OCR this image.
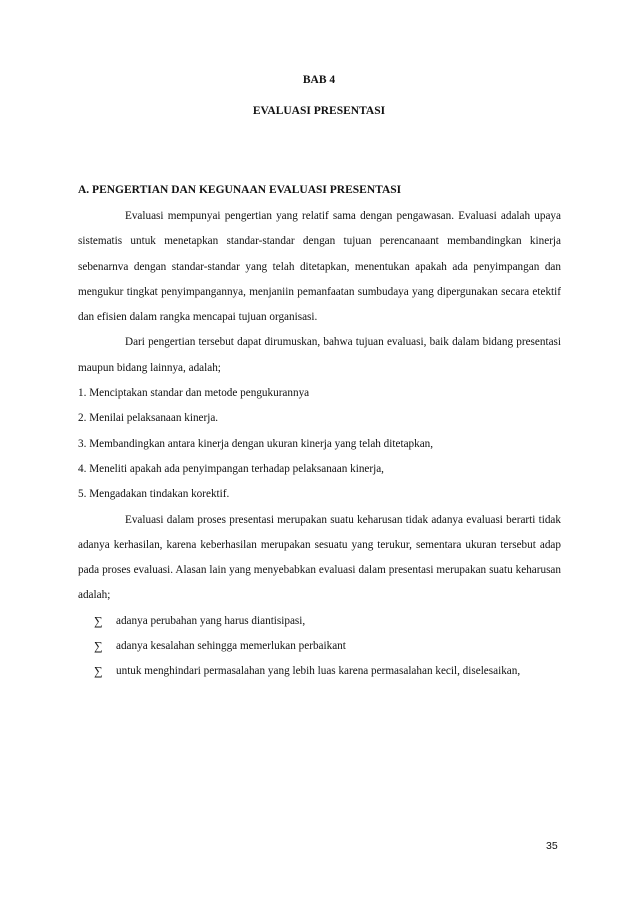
BAB 4
EVALUASI PRESENTASI
A. PENGERTIAN DAN KEGUNAAN EVALUASI PRESENTASI

Evaluasi mempunyai pengertian yang relatif sama dengan pengawasan. Evaluasi adalah upaya sistematis untuk menetapkan standar-standar dengan tujuan perencanaant membandingkan kinerja sebenarnva dengan standar-standar yang telah ditetapkan, menentukan apakah ada penyimpangan dan mengukur tingkat penyimpangannya, menjaniin pemanfaatan sumbudaya yang dipergunakan secara etektif dan efisien dalam rangka mencapai tujuan organisasi.

Dari pengertian tersebut dapat dirumuskan, bahwa tujuan evaluasi, baik dalam bidang presentasi maupun bidang lainnya, adalah;

1. Menciptakan standar dan metode pengukurannya

2. Menilai pelaksanaan kinerja.

3. Membandingkan antara kinerja dengan ukuran kinerja yang telah ditetapkan,

4. Meneliti apakah ada penyimpangan terhadap pelaksanaan kinerja,

5. Mengadakan tindakan korektif.

Evaluasi dalam proses presentasi merupakan suatu keharusan tidak adanya evaluasi berarti tidak adanya kerhasilan, karena keberhasilan merupakan sesuatu yang terukur, sementara ukuran tersebut adap pada proses evaluasi. Alasan lain yang menyebabkan evaluasi dalam presentasi merupakan suatu keharusan adalah;

∑ adanya perubahan yang harus diantisipasi,
∑ adanya kesalahan sehingga memerlukan perbaikant
∑ untuk menghindari permasalahan yang lebih luas karena permasalahan kecil, diselesaikan,
35
